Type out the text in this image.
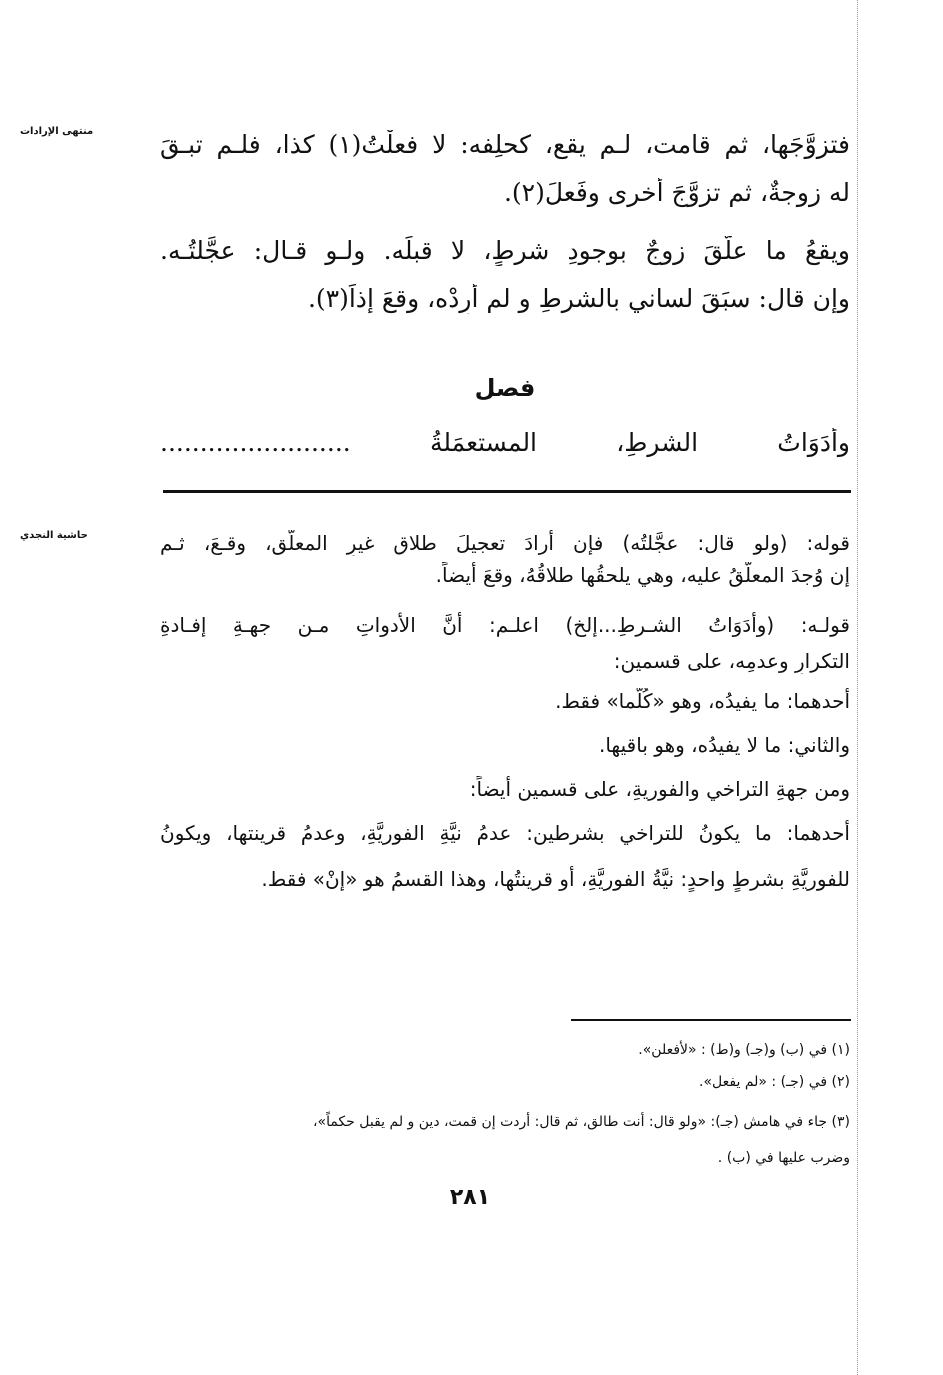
منتهى الإرادات
حاشية النجدي
فتزوَّجَها، ثم قامت، لـم يقع، كحلِفه: لا فعلْتُ(١) كذا، فلـم تبـقَ
له زوجةٌ، ثم تزوَّجَ أخرى وفَعلَ(٢).
ويقعُ ما علَّقَ زوجٌ بوجودِ شرطٍ، لا قبلَه. ولـو قـال: عجَّلتُـه.
وإن قال: سبَقَ لساني بالشرطِ و لم أُرِدْه، وقعَ إذاً(٣).
فصل
وأدَوَاتُ الشرطِ، المستعمَلةُ ........................
قوله: (ولو قال: عجَّلتُه) فإن أرادَ تعجيلَ طلاق غيرِ المعلَّق، وقـعَ، ثـم
إن وُجدَ المعلَّقُ عليه، وهي يلحقُها طلاقُهُ، وقعَ أيضاً.
قولـه: (وأدَوَاتُ الشـرطِ...إلخ) اعلـم: أنَّ الأدواتِ مـن جهـةِ إفـادةِ
التكرارِ وعدمِه، على قسمينِ:
أحدهما: ما يفيدُه، وهو «كُلَّما» فقط.
والثاني: ما لا يفيدُه، وهو باقيها.
ومن جهةِ التراخي والفوريةِ، على قسمينِ أيضاً:
أحدهما: ما يكونُ للتراخي بشرطين: عدمُ نيَّةِ الفوريَّةِ، وعدمُ قرينتها، ويكونُ
للفوريَّةِ بشرطٍ واحدٍ: نيَّةُ الفوريَّةِ، أو قرينتُها، وهذا القسمُ هو «إنْ» فقط.
(١) في (ب) و(جـ) و(ط) : «لأفعلن».
(٢) في (جـ) : «لم يفعل».
(٣) جاء في هامش (جـ): «ولو قال: أنت طالق، ثم قال: أردت إن قمت، دين و لم يقبل حكماً»،
وضرب عليها في (ب) .
٢٨١
